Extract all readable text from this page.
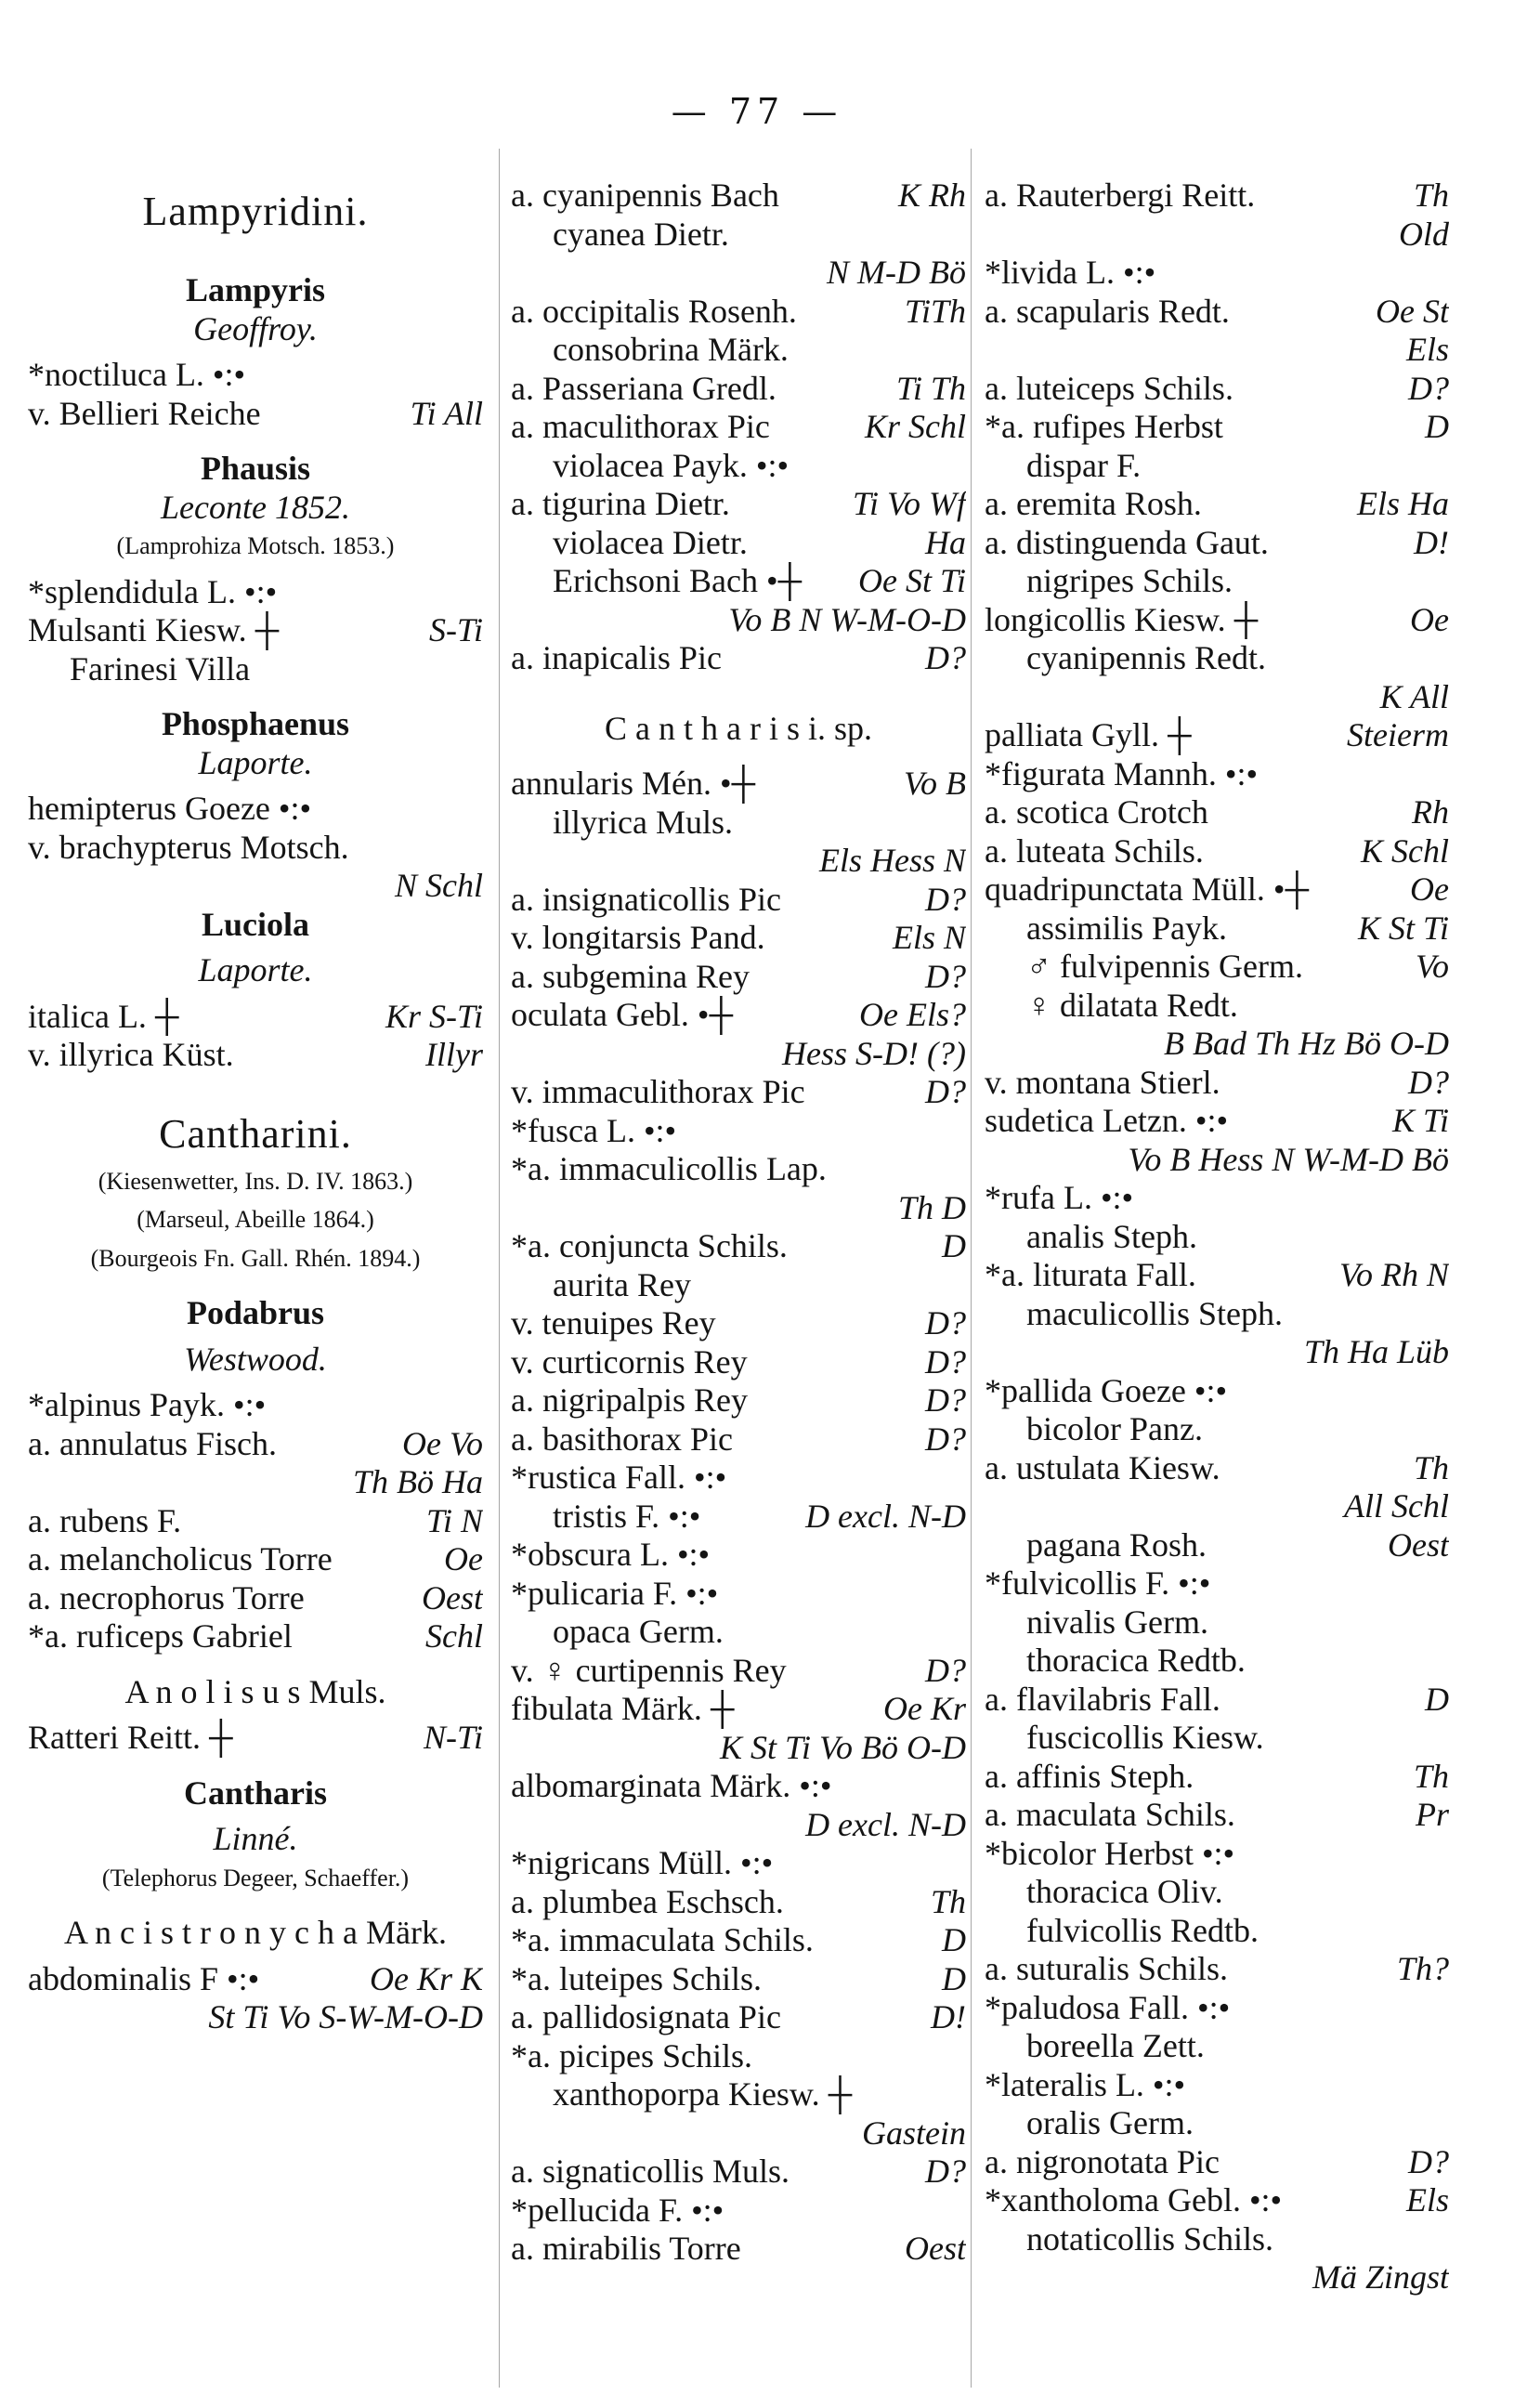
— 77 —
Lampyridini.
Lampyris
Geoffroy.
*noctiluca L. •:•
v. Bellieri Reiche	Ti All
Phausis
Leconte 1852.
(Lamprohiza Motsch. 1853.)
*splendidula L. •:•
Mulsanti Kiesw. ┼	S-Ti
Farinesi Villa
Phosphaenus
Laporte.
hemipterus Goeze •:•
v. brachypterus Motsch.
N Schl
Luciola
Laporte.
italica L. ┼	Kr S-Ti
v. illyrica Küst.	Illyr
Cantharini.
(Kiesenwetter, Ins. D. IV. 1863.)
(Marseul, Abeille 1864.)
(Bourgeois Fn. Gall. Rhén. 1894.)
Podabrus
Westwood.
*alpinus Payk. •:•
a. annulatus Fisch.	Oe Vo
Th Bö Ha
a. rubens F.	Ti N
a. melancholicus Torre	Oe
a. necrophorus Torre	Oest
*a. ruficeps Gabriel	Schl
A n o l i s u s Muls.
Ratteri Reitt. ┼	N-Ti
Cantharis
Linné.
(Telephorus Degeer, Schaeffer.)
A n c i s t r o n y c h a Märk.
abdominalis F •:•	Oe Kr K
St Ti Vo S-W-M-O-D
a. cyanipennis Bach	K Rh
cyanea Dietr.
N M-D Bö
a. occipitalis Rosenh.	TiTh
consobrina Märk.
a. Passeriana Gredl.	Ti Th
a. maculithorax Pic	Kr Schl
violacea Payk. •:•
a. tigurina Dietr.	Ti Vo Wf
violacea Dietr.	Ha
Erichsoni Bach •┼ Oe St Ti
Vo B N W-M-O-D
a. inapicalis Pic	D?
C a n t h a r i s i. sp.
annularis Mén. •┼	Vo B
illyrica Muls.
Els Hess N
a. insignaticollis Pic	D?
v. longitarsis Pand.	Els N
a. subgemina Rey	D?
oculata Gebl. •┼	Oe Els?
Hess S-D! (?)
v. immaculithorax Pic	D?
*fusca L. •:•
*a. immaculicollis Lap.
Th D
*a. conjuncta Schils.	D
aurita Rey
v. tenuipes Rey	D?
v. curticornis Rey	D?
a. nigripalpis Rey	D?
a. basithorax Pic	D?
*rustica Fall. •:•
tristis F. •:•	D excl. N-D
*obscura L. •:•
*pulicaria F. •:•
opaca Germ.
v. ♀ curtipennis Rey	D?
fibulata Märk. ┼	Oe Kr
K St Ti Vo Bö O-D
albomarginata Märk. •:•
D excl. N-D
*nigricans Müll. •:•
a. plumbea Eschsch.	Th
*a. immaculata Schils.	D
*a. luteipes Schils.	D
a. pallidosignata Pic	D!
*a. picipes Schils.
xanthoporpa Kiesw. ┼
Gastein
a. signaticollis Muls.	D?
*pellucida F. •:•
a. mirabilis Torre	Oest
a. Rauterbergi Reitt.	Th
Old
*livida L. •:•
a. scapularis Redt.	Oe St
Els
a. luteiceps Schils.	D?
*a. rufipes Herbst	D
dispar F.
a. eremita Rosh.	Els Ha
a. distinguenda Gaut.	D!
nigripes Schils.
longicollis Kiesw. ┼	Oe
cyanipennis Redt.
K All
palliata Gyll. ┼	Steierm
*figurata Mannh. •:•
a. scotica Crotch	Rh
a. luteata Schils.	K Schl
quadripunctata Müll. •┼	Oe
assimilis Payk.	K St Ti
♂ fulvipennis Germ.	Vo
♀ dilatata Redt.
B Bad Th Hz Bö O-D
v. montana Stierl.	D?
sudetica Letzn. •:•	K Ti
Vo B Hess N W-M-D Bö
*rufa L. •:•
analis Steph.
*a. liturata Fall.	Vo Rh N
maculicollis Steph.
Th Ha Lüb
*pallida Goeze •:•
bicolor Panz.
a. ustulata Kiesw.	Th
All Schl
pagana Rosh.	Oest
*fulvicollis F. •:•
nivalis Germ.
thoracica Redtb.
a. flavilabris Fall.	D
fuscicollis Kiesw.
a. affinis Steph.	Th
a. maculata Schils.	Pr
*bicolor Herbst •:•
thoracica Oliv.
fulvicollis Redtb.
a. suturalis Schils.	Th?
*paludosa Fall. •:•
boreella Zett.
*lateralis L. •:•
oralis Germ.
a. nigronotata Pic	D?
*xantholoma Gebl. •:•	Els
notaticollis Schils.
Mä Zingst
